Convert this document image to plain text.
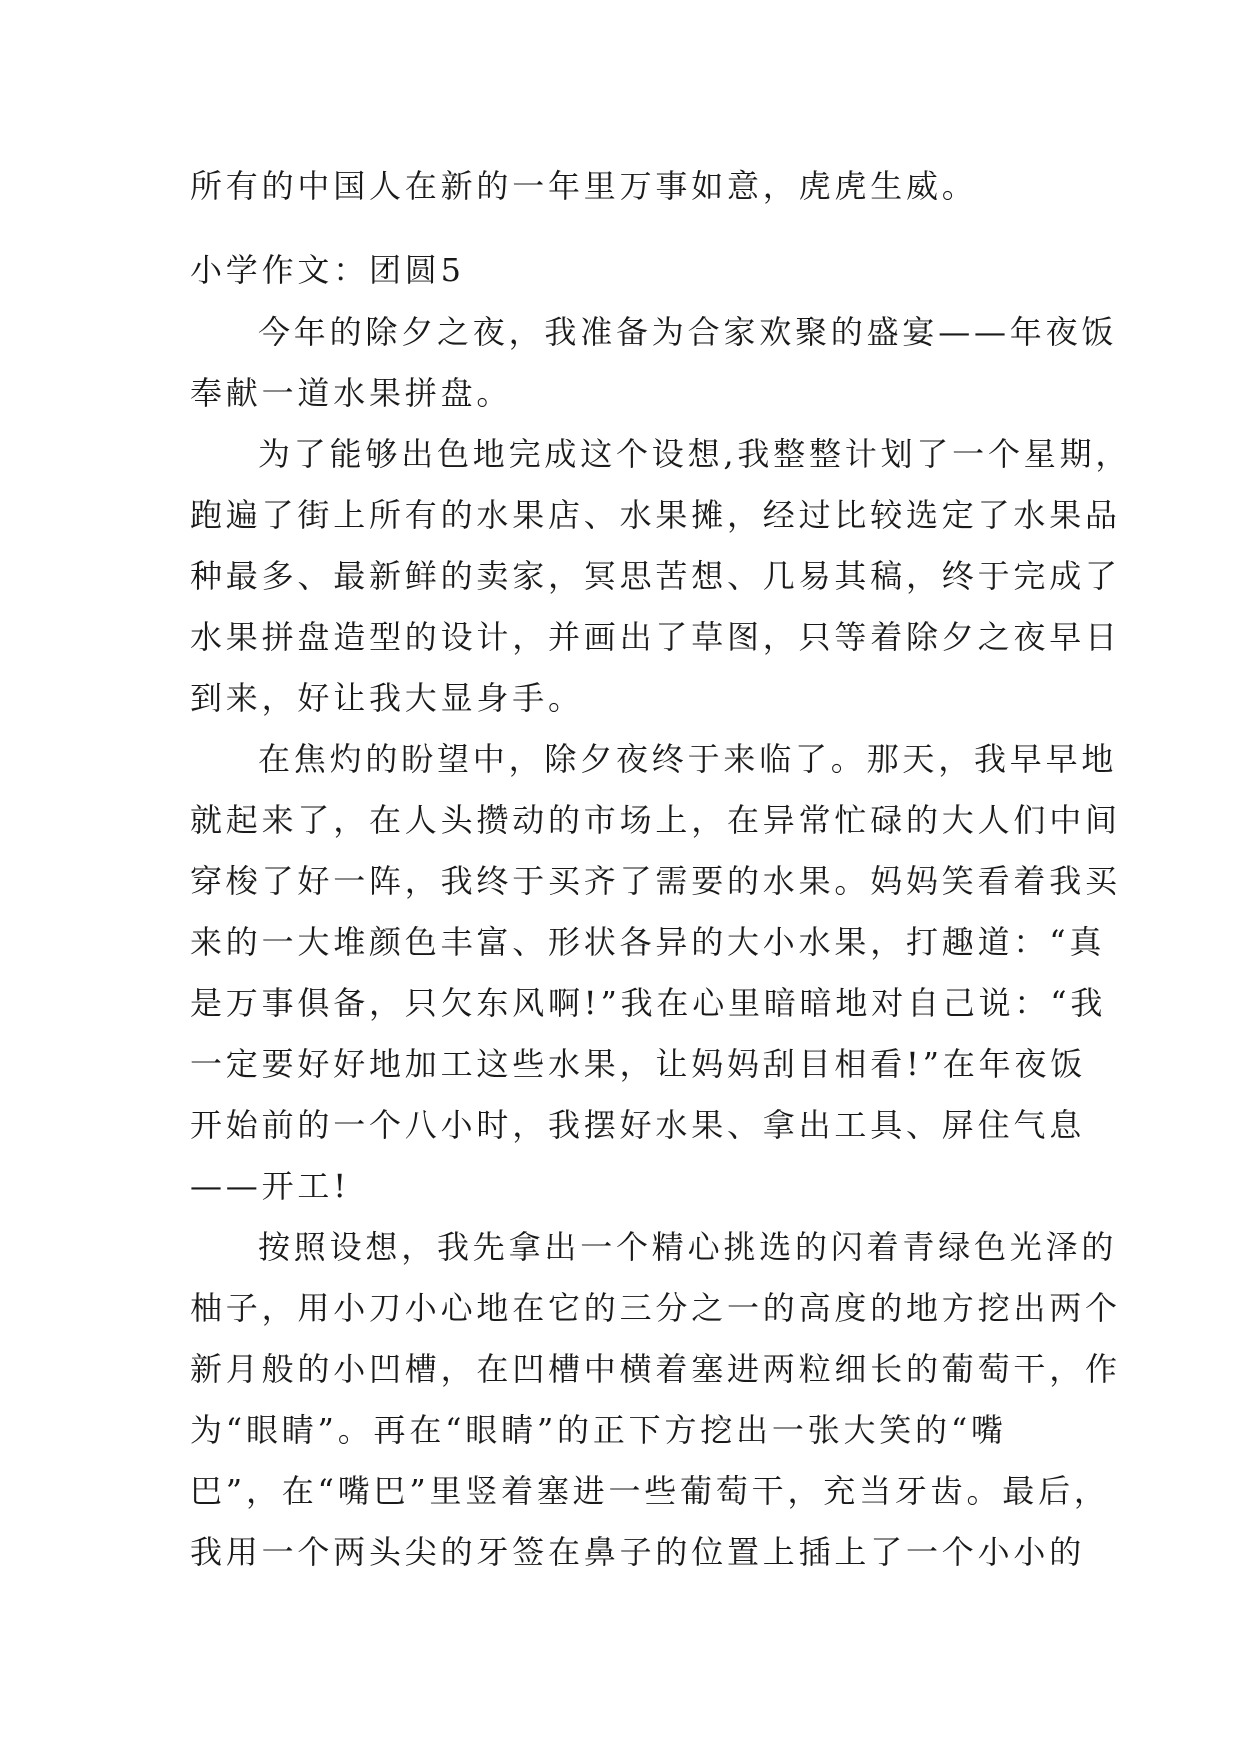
所有的中国人在新的一年里万事如意，虎虎生威。
小学作文：团圆5
今年的除夕之夜，我准备为合家欢聚的盛宴——年夜饭
奉献一道水果拼盘。
为了能够出色地完成这个设想,我整整计划了一个星期，
跑遍了街上所有的水果店、水果摊，经过比较选定了水果品
种最多、最新鲜的卖家，冥思苦想、几易其稿，终于完成了
水果拼盘造型的设计，并画出了草图，只等着除夕之夜早日
到来，好让我大显身手。
在焦灼的盼望中，除夕夜终于来临了。那天，我早早地
就起来了，在人头攒动的市场上，在异常忙碌的大人们中间
穿梭了好一阵，我终于买齐了需要的水果。妈妈笑看着我买
来的一大堆颜色丰富、形状各异的大小水果，打趣道：“真
是万事俱备，只欠东风啊!”我在心里暗暗地对自己说：“我
一定要好好地加工这些水果，让妈妈刮目相看!”在年夜饭
开始前的一个八小时，我摆好水果、拿出工具、屏住气息
——开工!
按照设想，我先拿出一个精心挑选的闪着青绿色光泽的
柚子，用小刀小心地在它的三分之一的高度的地方挖出两个
新月般的小凹槽，在凹槽中横着塞进两粒细长的葡萄干，作
为“眼睛”。再在“眼睛”的正下方挖出一张大笑的“嘴
巴”，在“嘴巴”里竖着塞进一些葡萄干，充当牙齿。最后，
我用一个两头尖的牙签在鼻子的位置上插上了一个小小的
